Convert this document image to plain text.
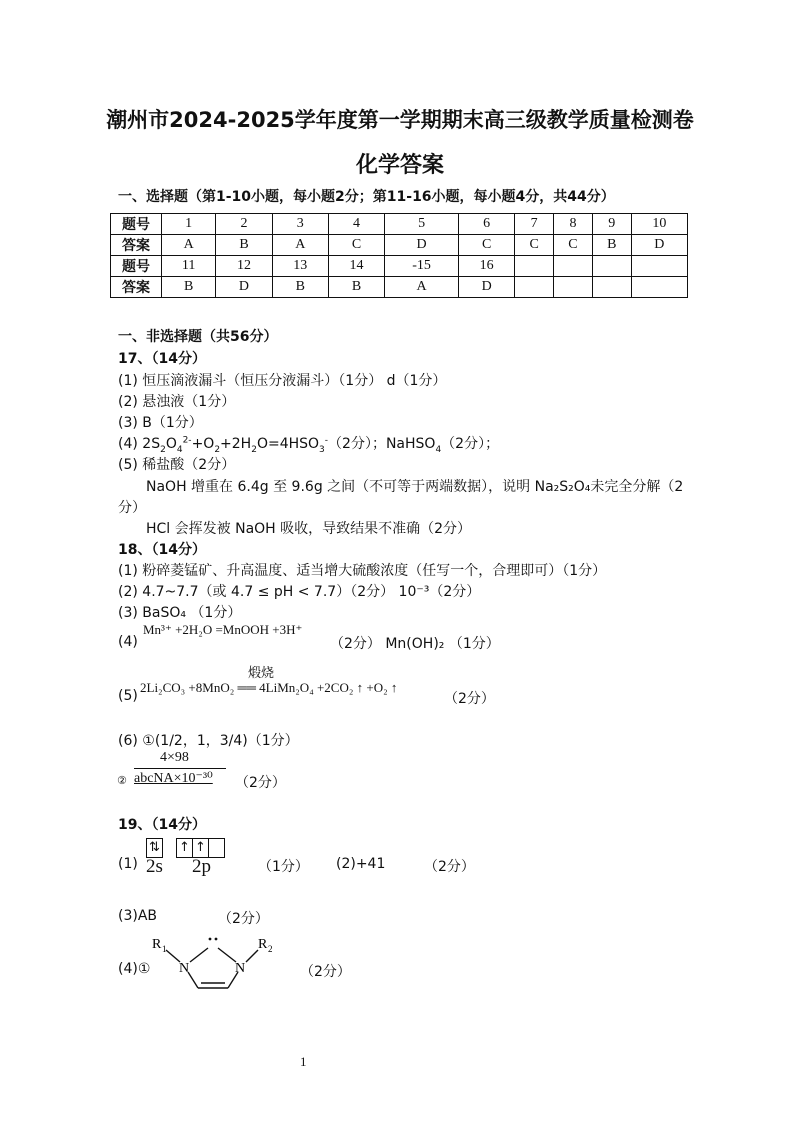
潮州市2024-2025学年度第一学期期末高三级教学质量检测卷
化学答案
一、选择题（第1-10小题，每小题2分；第11-16小题，每小题4分，共44分）
题号	1	2	3	4	5	6	7	8	9	10
答案	A	B	A	C	D	C	C	C	B	D
题号	11	12	13	14	-15	16				
答案	B	D	B	B	A	D				
一、非选择题（共56分）
17、（14分）
(1) 恒压滴液漏斗（恒压分液漏斗）（1分） d（1分）
(2) 悬浊液（1分）
(3) B（1分）
(4) $2S_2O_4^{2-}+O_2+2H_2O=4HSO_3^-(2$分）；NaHSO$_4$（2分）；
(5) 稀盐酸（2分）
NaOH 增重在 6.4g 至 9.6g 之间（不可等于两端数据），说明 Na₂S₂O₄未完全分解（2
分）
HCl 会挥发被 NaOH 吸收，导致结果不准确（2分）
18、（14分）
(1) 粉碎菱锰矿、升高温度、适当增大硫酸浓度（任写一个，合理即可）（1分）
(2) 4.7~7.7（或 4.7 ≤ pH < 7.7）（2分） 10⁻³（2分）
(3) BaSO₄ （1分）
(4)
Mn³⁺ +2H₂O =MnOOH +3H⁺
（2分） Mn(OH)₂ （1分）
(5)
煅烧
2Li₂CO₃ +8MnO₂ ══ 4LiMn₂O₄ +2CO₂ ↑ +O₂ ↑
（2分）
(6) ①(1/2，1，3/4)（1分）
4×98
② abcNA×10⁻³⁰ （2分）
19、（14分）
(1)
⇅ ↑ ↑
2s 2p	（1分） (2)+41	（2分）
(3)AB	（2分）
(4)① N	N
R 1	R 2
（2分）
1
